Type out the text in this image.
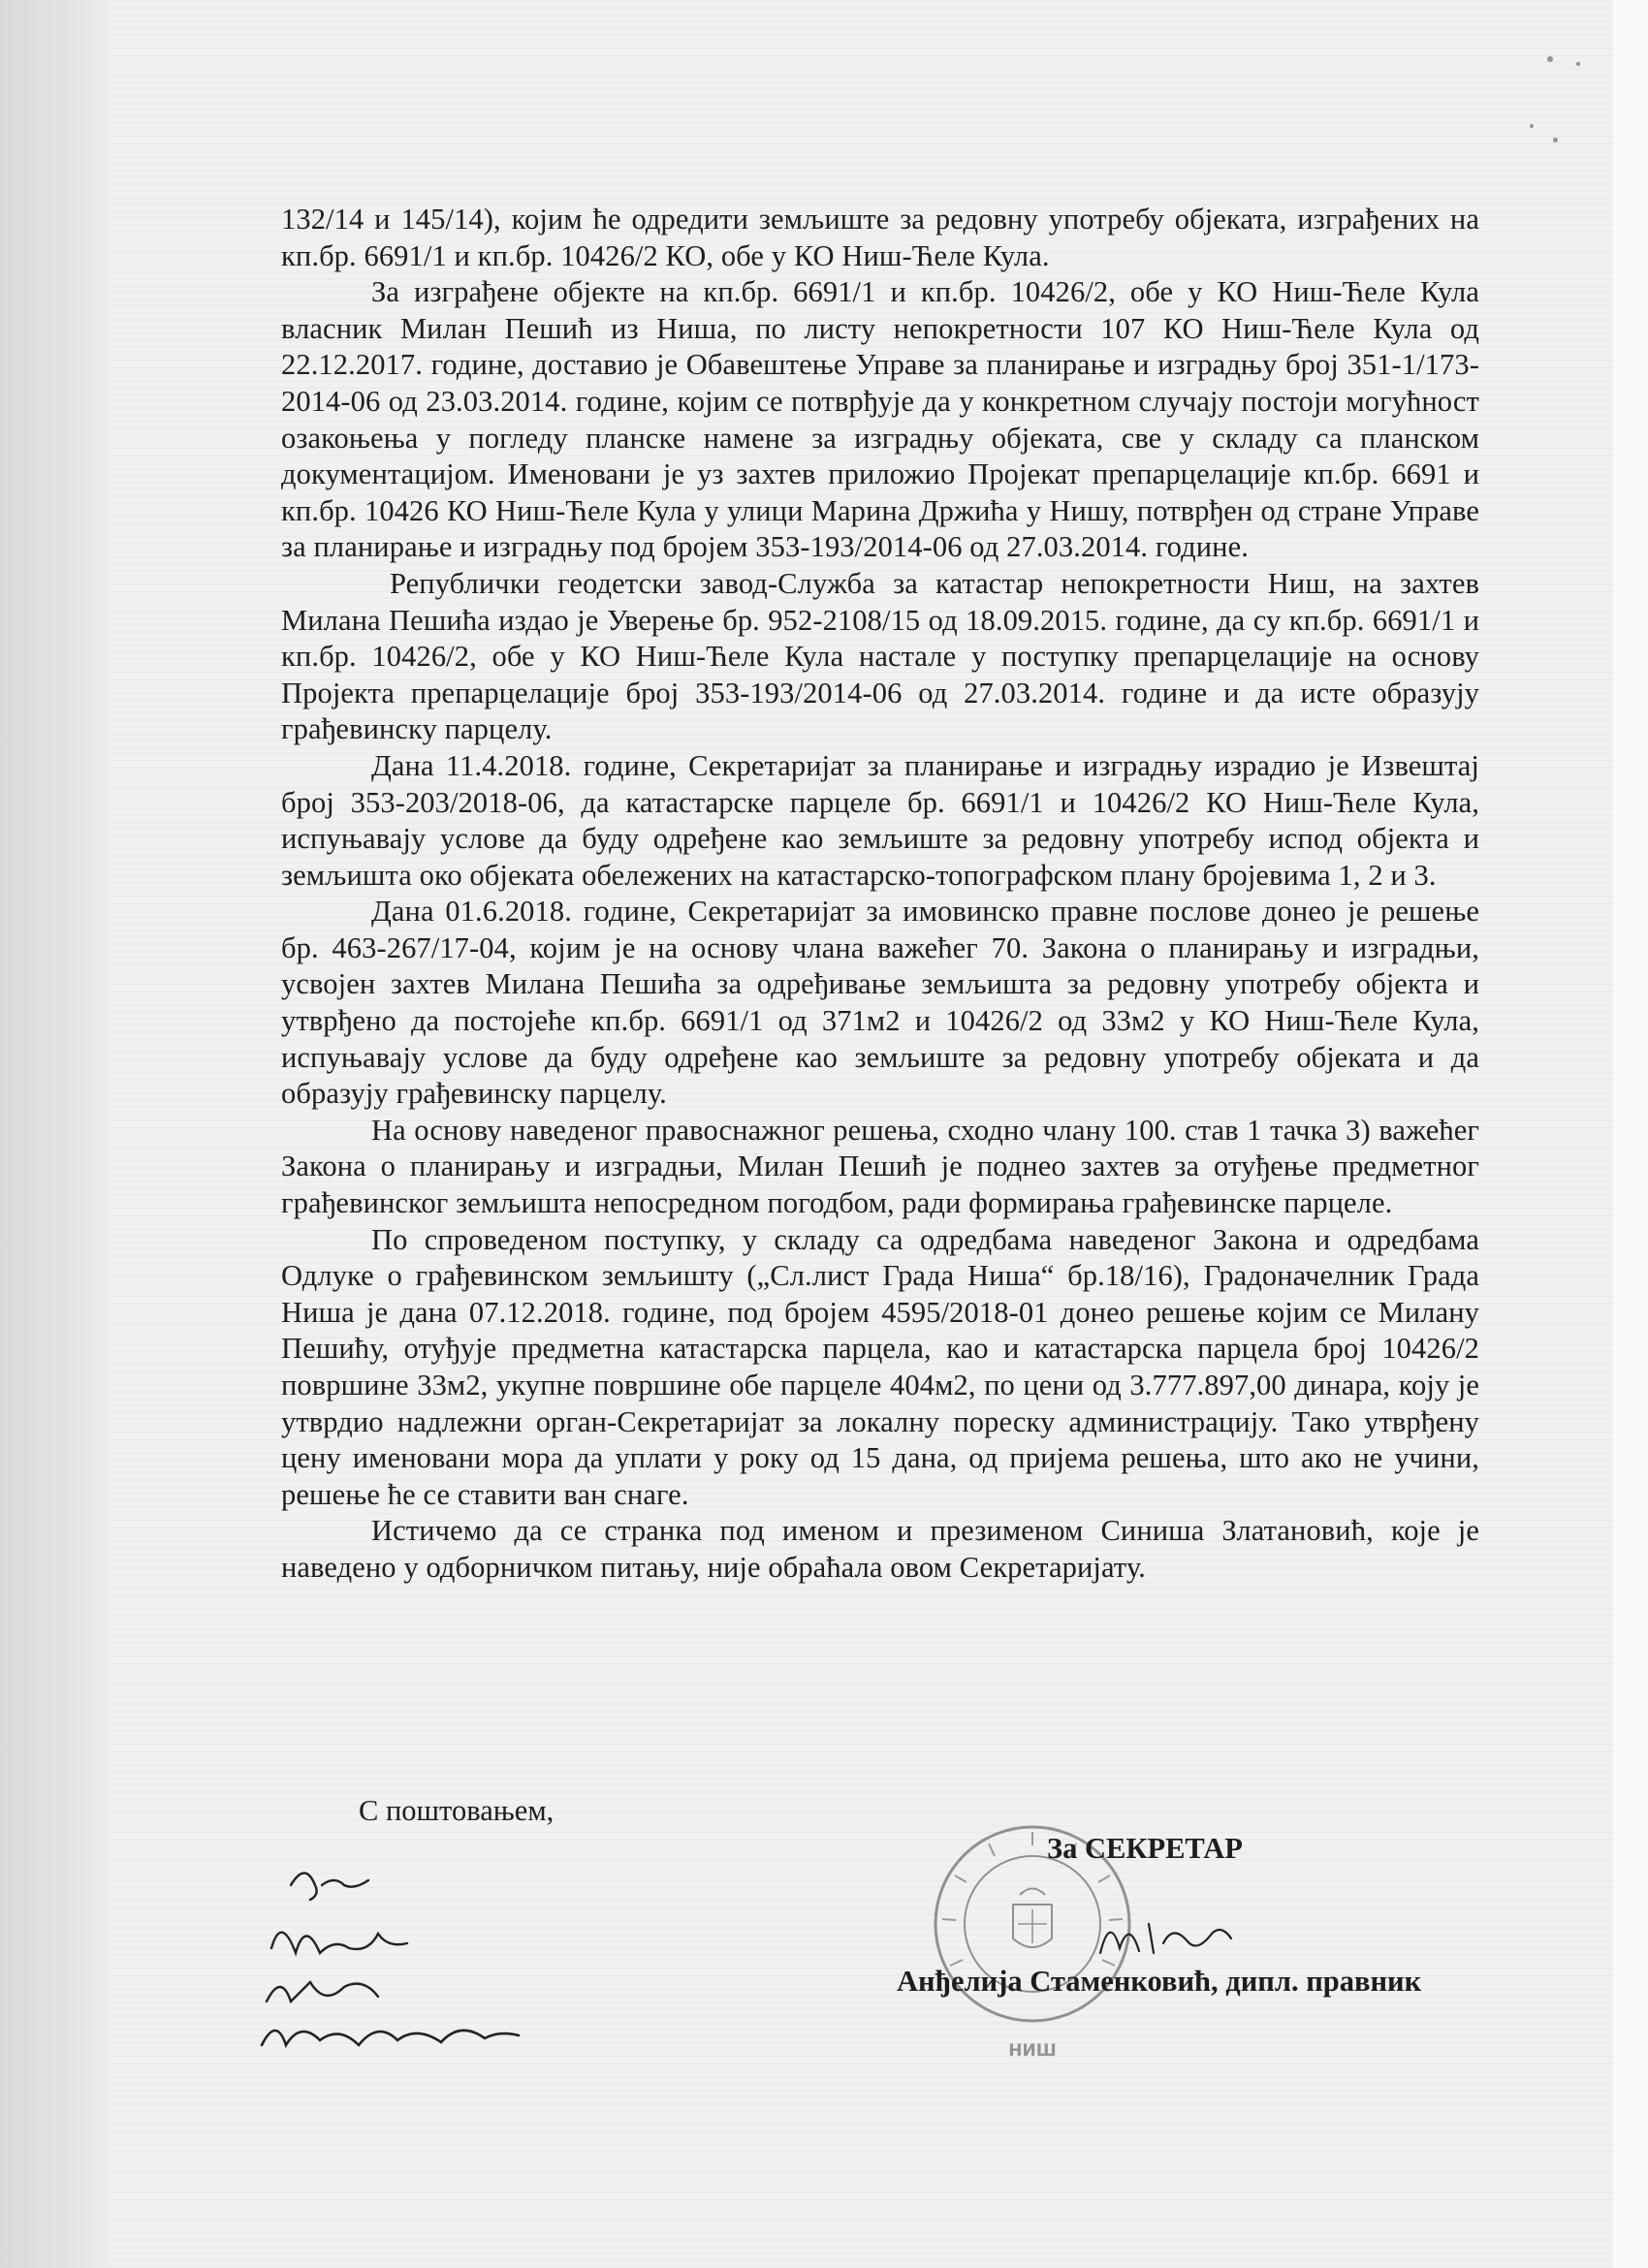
132/14 и 145/14), којим ће одредити земљиште за редовну употребу објеката, изграђених на кп.бр. 6691/1 и кп.бр. 10426/2 КО, обе у КО Ниш-Ћеле Кула.

За изграђене објекте на кп.бр. 6691/1 и кп.бр. 10426/2, обе у КО Ниш-Ћеле Кула власник Милан Пешић из Ниша, по листу непокретности 107 КО Ниш-Ћеле Кула од 22.12.2017. године, доставио је Обавештење Управе за планирање и изградњу број 351-1/173-2014-06 од 23.03.2014. године, којим се потврђује да у конкретном случају постоји могућност озакоњења у погледу планске намене за изградњу објеката, све у складу са планском документацијом. Именовани је уз захтев приложио Пројекат препарцелације кп.бр. 6691 и кп.бр. 10426 КО Ниш-Ћеле Кула у улици Марина Држића у Нишу, потврђен од стране Управе за планирање и изградњу под бројем 353-193/2014-06 од 27.03.2014. године.

Републички геодетски завод-Служба за катастар непокретности Ниш, на захтев Милана Пешића издао је Уверење бр. 952-2108/15 од 18.09.2015. године, да су кп.бр. 6691/1 и кп.бр. 10426/2, обе у КО Ниш-Ћеле Кула настале у поступку препарцелације на основу Пројекта препарцелације број 353-193/2014-06 од 27.03.2014. године и да исте образују грађевинску парцелу.

Дана 11.4.2018. године, Секретаријат за планирање и изградњу израдио је Извештај број 353-203/2018-06, да катастарске парцеле бр. 6691/1 и 10426/2 КО Ниш-Ћеле Кула, испуњавају услове да буду одређене као земљиште за редовну употребу испод објекта и земљишта око објеката обележених на катастарско-топографском плану бројевима 1, 2 и 3.

Дана 01.6.2018. године, Секретаријат за имовинско правне послове донео је решење бр. 463-267/17-04, којим је на основу члана важећег 70. Закона о планирању и изградњи, усвојен захтев Милана Пешића за одређивање земљишта за редовну употребу објекта и утврђено да постојеће кп.бр. 6691/1 од 371м2 и 10426/2 од 33м2 у КО Ниш-Ћеле Кула, испуњавају услове да буду одређене као земљиште за редовну употребу објеката и да образују грађевинску парцелу.

На основу наведеног правоснажног решења, сходно члану 100. став 1 тачка 3) важећег Закона о планирању и изградњи, Милан Пешић је поднео захтев за отуђење предметног грађевинског земљишта непосредном погодбом, ради формирања грађевинске парцеле.

По спроведеном поступку, у складу са одредбама наведеног Закона и одредбама Одлуке о грађевинском земљишту („Сл.лист Града Ниша“ бр.18/16), Градоначелник Града Ниша је дана 07.12.2018. године, под бројем 4595/2018-01 донео решење којим се Милану Пешићу, отуђује предметна катастарска парцела, као и катастарска парцела број 10426/2 површине 33м2, укупне површине обе парцеле 404м2, по цени од 3.777.897,00 динара, коју је утврдио надлежни орган-Секретаријат за локалну пореску администрацију. Тако утврђену цену именовани мора да уплати у року од 15 дана, од пријема решења, што ако не учини, решење ће се ставити ван снаге.

Истичемо да се странка под именом и презименом Синиша Златановић, које је наведено у одборничком питању, није обраћала овом Секретаријату.

С поштовањем,
НИШ
За СЕКРЕТАР
Анђелија Стаменковић, дипл. правник
